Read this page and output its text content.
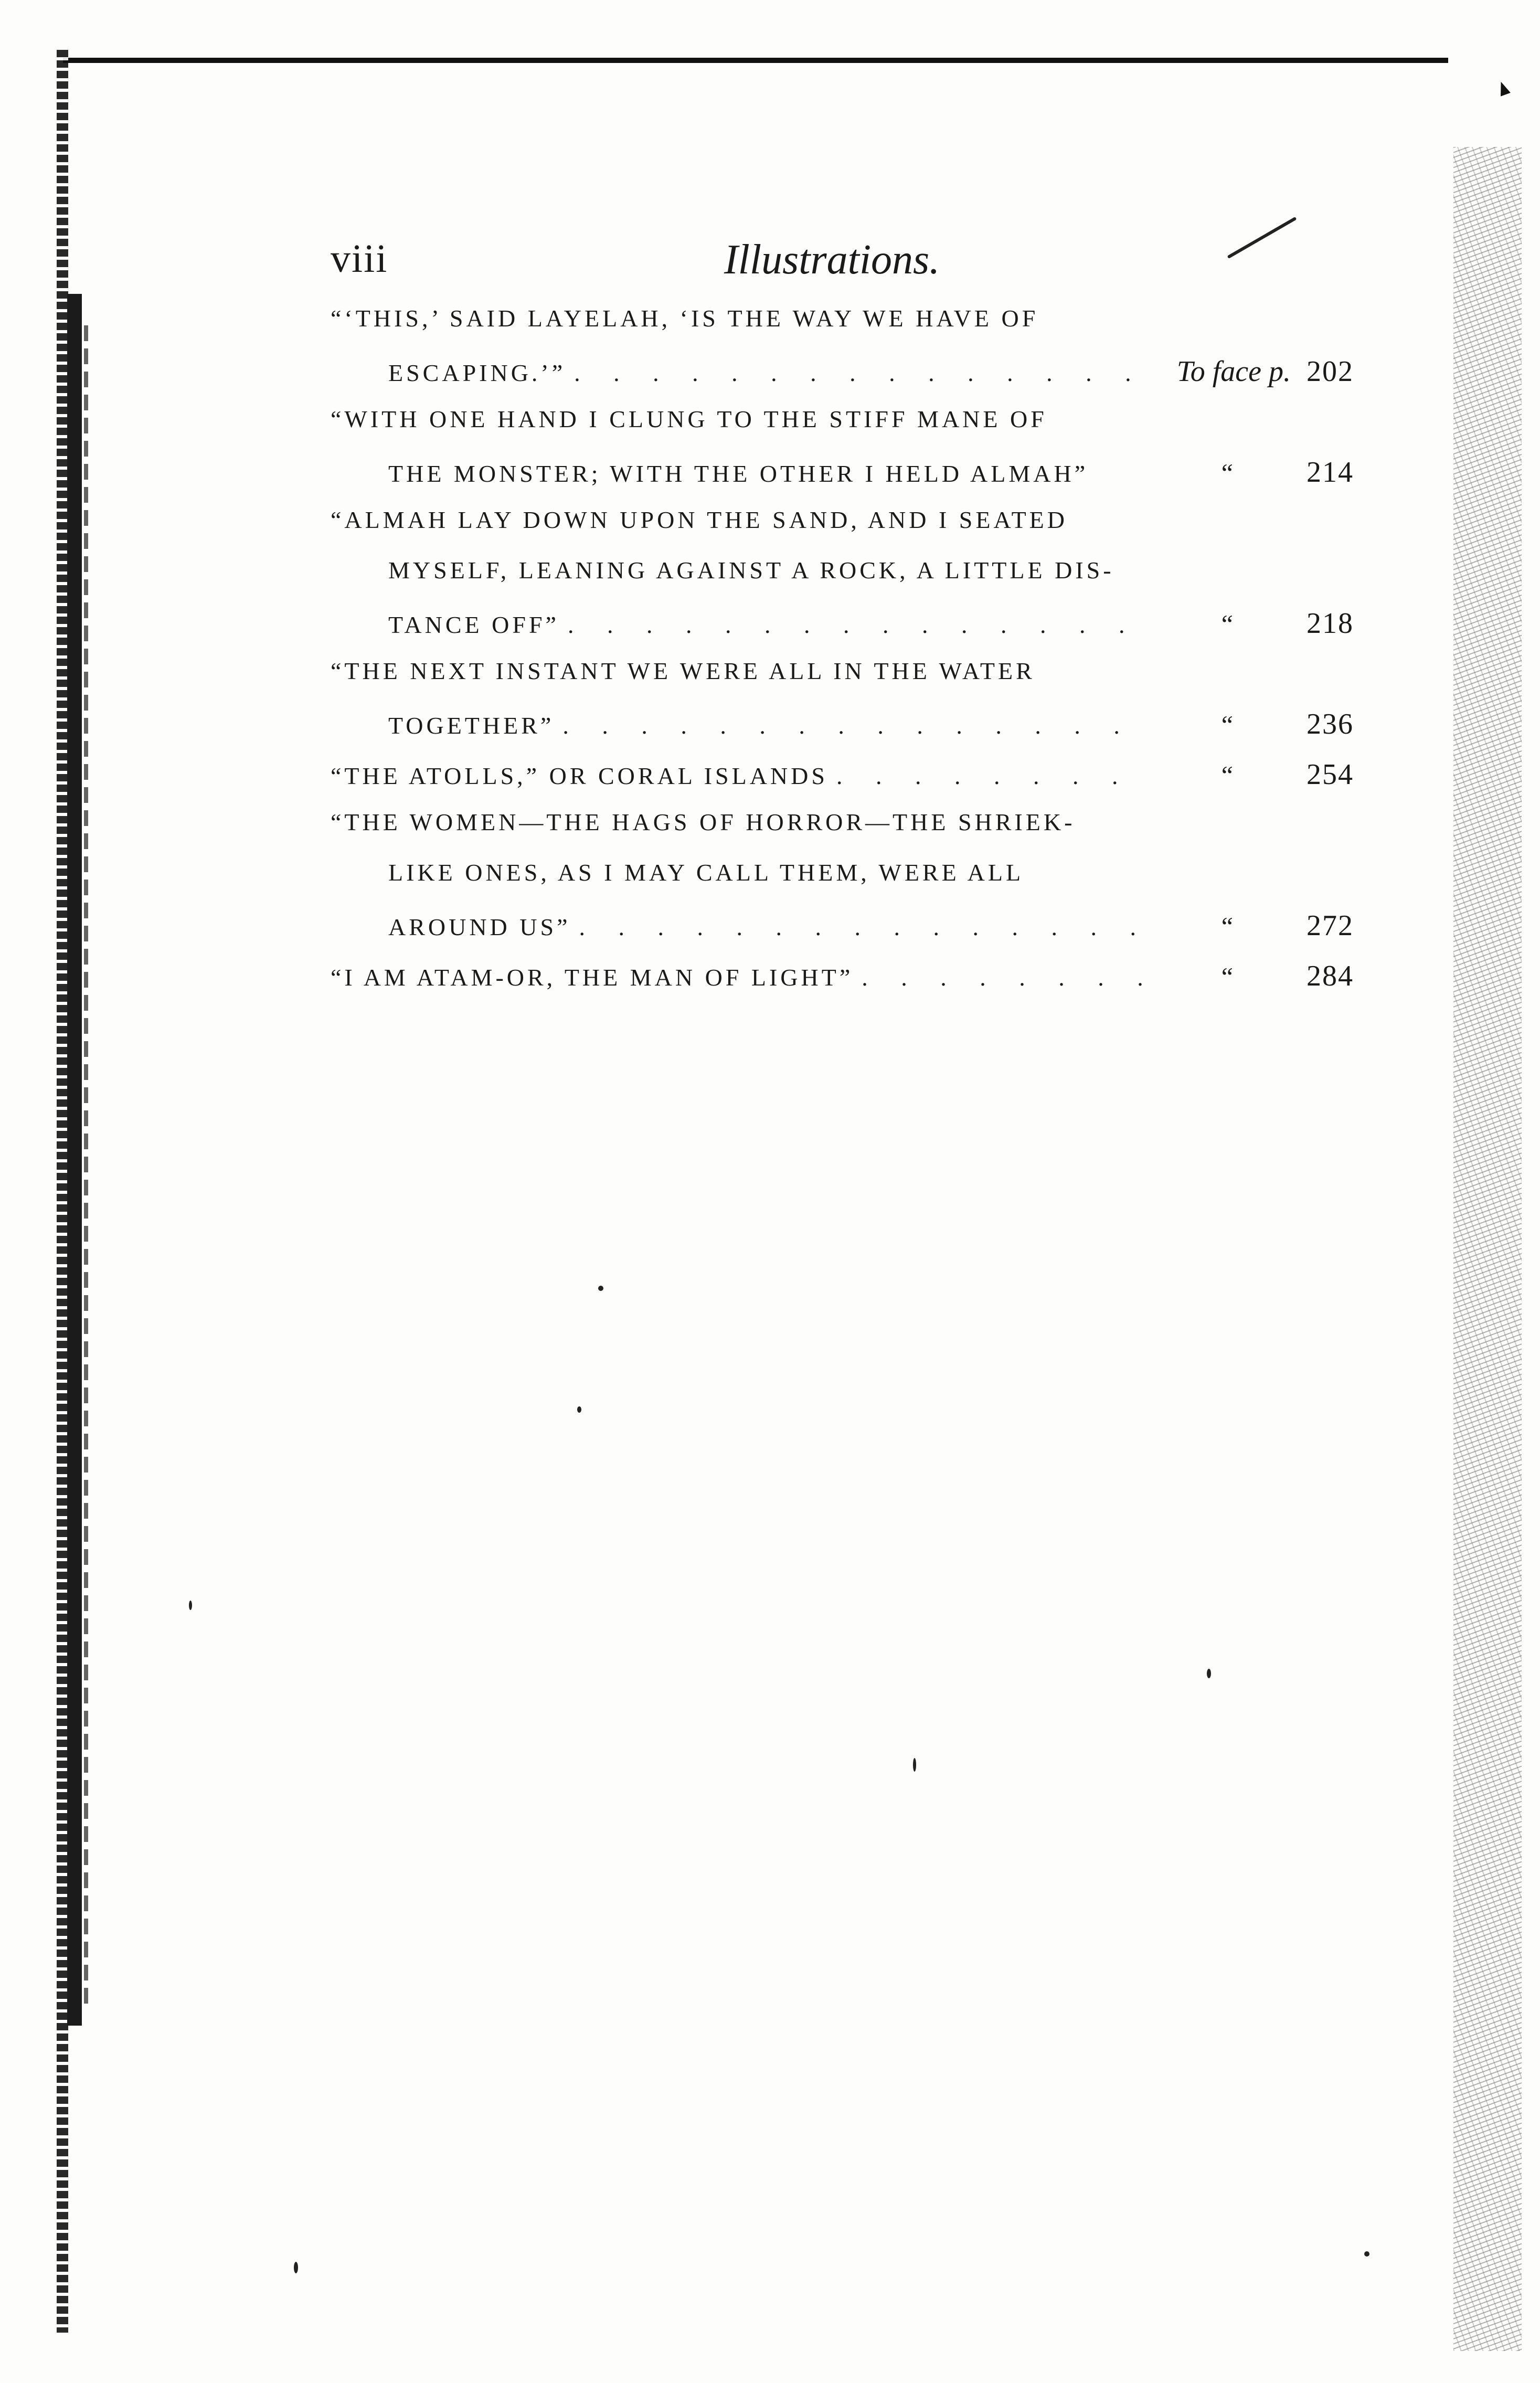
viii	Illustrations.
“‘THIS,’ SAID LAYELAH, ‘IS THE WAY WE HAVE OF
ESCAPING.’” . . .	To face p. 202
“WITH ONE HAND I CLUNG TO THE STIFF MANE OF
THE MONSTER; WITH THE OTHER I HELD ALMAH”	“	214
“ALMAH LAY DOWN UPON THE SAND, AND I SEATED
MYSELF, LEANING AGAINST A ROCK, A LITTLE DIS-
TANCE OFF” . . .	“	218
“THE NEXT INSTANT WE WERE ALL IN THE WATER
TOGETHER” . . .	“	236
“THE ATOLLS,” OR CORAL ISLANDS . . .	“	254
“THE WOMEN—THE HAGS OF HORROR—THE SHRIEK-
LIKE ONES, AS I MAY CALL THEM, WERE ALL
AROUND US” . . .	“	272
“I AM ATAM-OR, THE MAN OF LIGHT” . . .	“	284
